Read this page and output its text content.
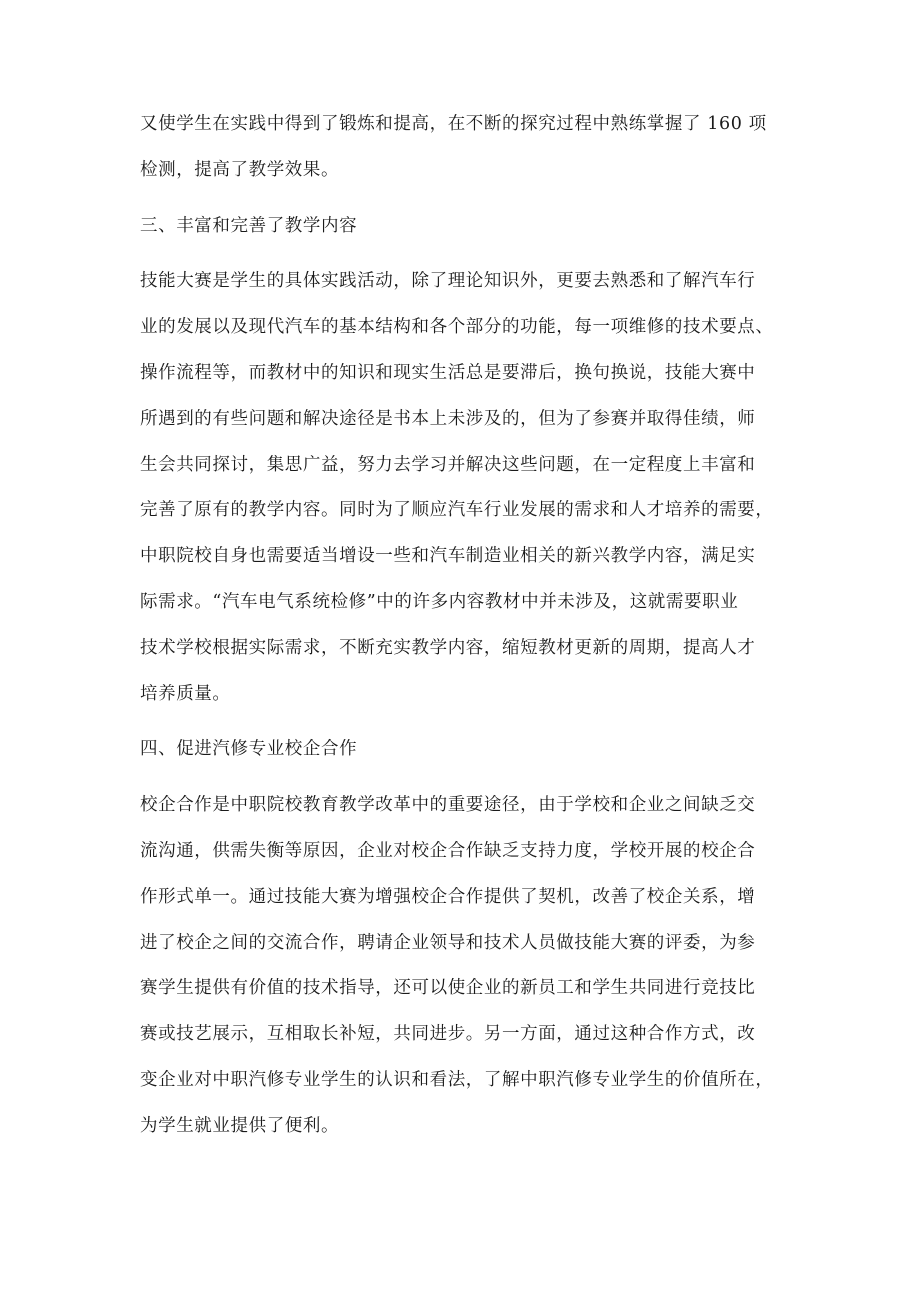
又使学生在实践中得到了锻炼和提高，在不断的探究过程中熟练掌握了 160 项
检测，提高了教学效果。
三、丰富和完善了教学内容
技能大赛是学生的具体实践活动，除了理论知识外，更要去熟悉和了解汽车行
业的发展以及现代汽车的基本结构和各个部分的功能，每一项维修的技术要点、
操作流程等，而教材中的知识和现实生活总是要滞后，换句换说，技能大赛中
所遇到的有些问题和解决途径是书本上未涉及的，但为了参赛并取得佳绩，师
生会共同探讨，集思广益，努力去学习并解决这些问题，在一定程度上丰富和
完善了原有的教学内容。同时为了顺应汽车行业发展的需求和人才培养的需要，
中职院校自身也需要适当增设一些和汽车制造业相关的新兴教学内容，满足实
际需求。“汽车电气系统检修”中的许多内容教材中并未涉及，这就需要职业
技术学校根据实际需求，不断充实教学内容，缩短教材更新的周期，提高人才
培养质量。
四、促进汽修专业校企合作
校企合作是中职院校教育教学改革中的重要途径，由于学校和企业之间缺乏交
流沟通，供需失衡等原因，企业对校企合作缺乏支持力度，学校开展的校企合
作形式单一。通过技能大赛为增强校企合作提供了契机，改善了校企关系，增
进了校企之间的交流合作，聘请企业领导和技术人员做技能大赛的评委，为参
赛学生提供有价值的技术指导，还可以使企业的新员工和学生共同进行竞技比
赛或技艺展示，互相取长补短，共同进步。另一方面，通过这种合作方式，改
变企业对中职汽修专业学生的认识和看法，了解中职汽修专业学生的价值所在，
为学生就业提供了便利。
